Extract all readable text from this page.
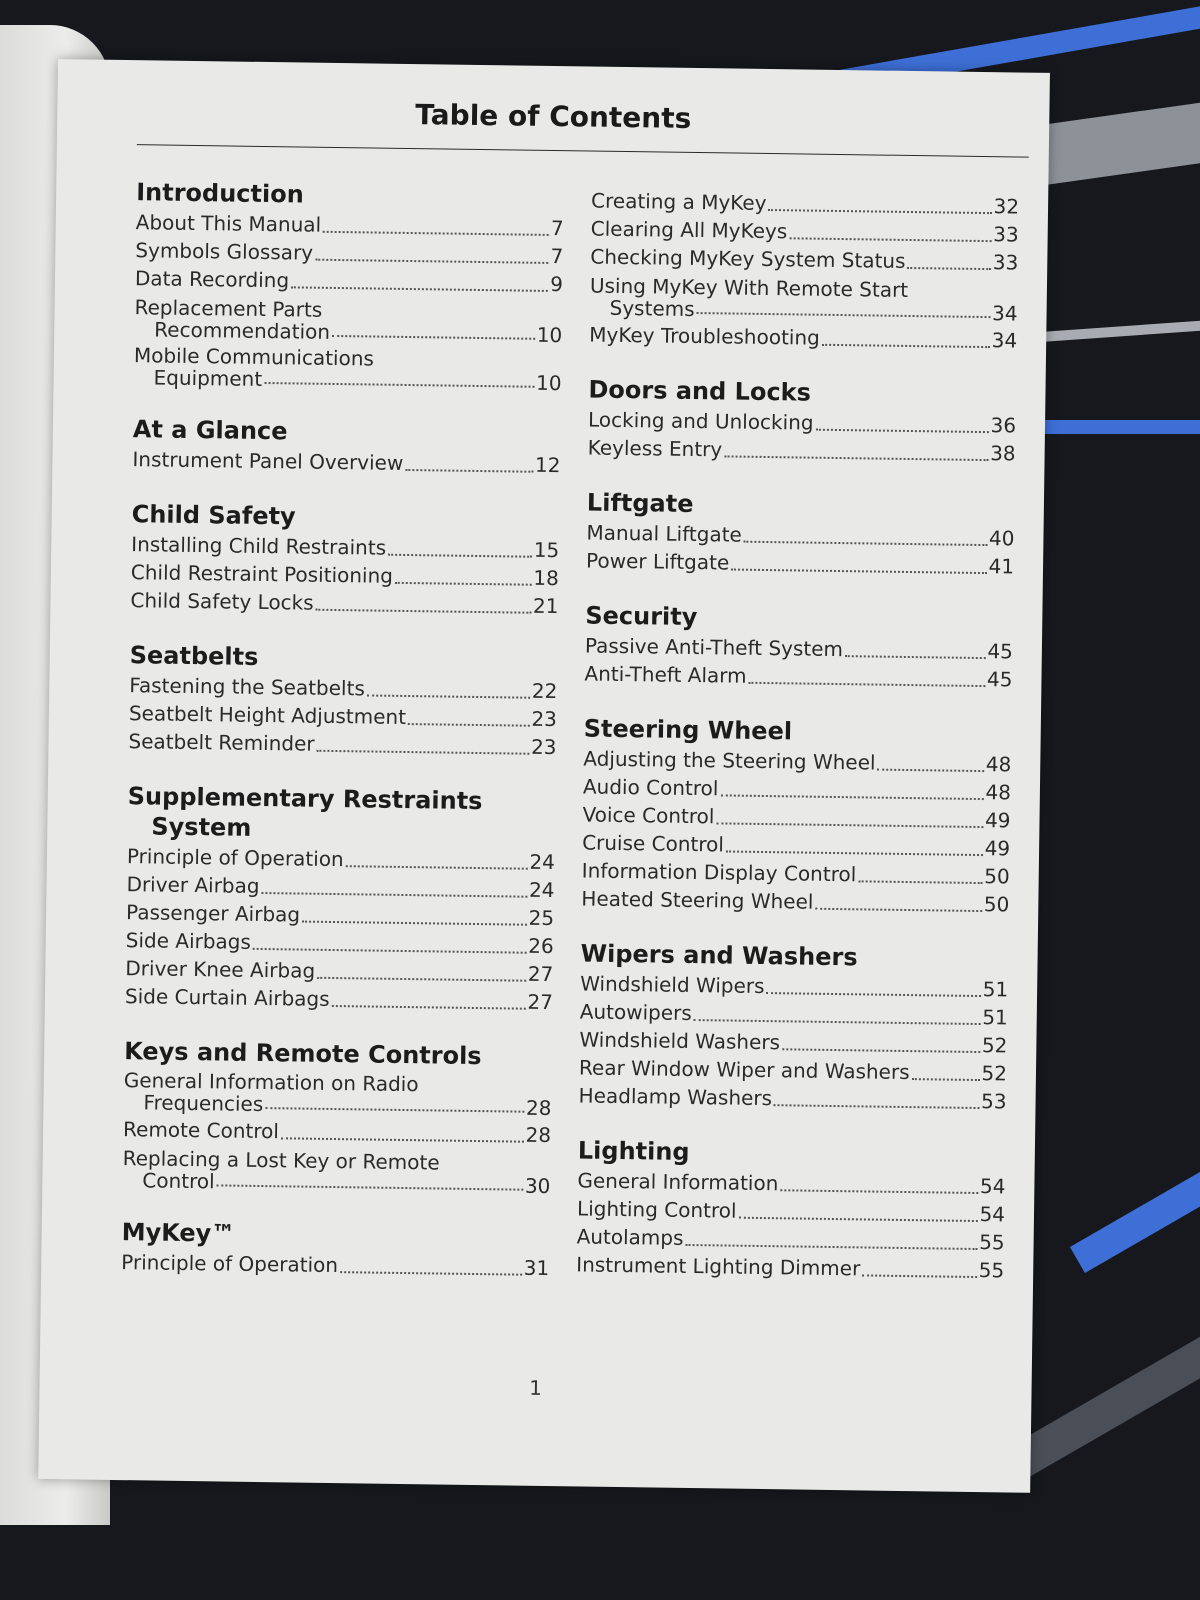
Table of Contents
Introduction
About This Manual	7
Symbols Glossary	7
Data Recording	9
Replacement Parts
Recommendation	10
Mobile Communications
Equipment	10
At a Glance
Instrument Panel Overview	12
Child Safety
Installing Child Restraints	15
Child Restraint Positioning	18
Child Safety Locks	21
Seatbelts
Fastening the Seatbelts	22
Seatbelt Height Adjustment	23
Seatbelt Reminder	23
Supplementary Restraints
System
Principle of Operation	24
Driver Airbag	24
Passenger Airbag	25
Side Airbags	26
Driver Knee Airbag	27
Side Curtain Airbags	27
Keys and Remote Controls
General Information on Radio
Frequencies	28
Remote Control	28
Replacing a Lost Key or Remote
Control	30
MyKey™
Principle of Operation	31
Creating a MyKey	32
Clearing All MyKeys	33
Checking MyKey System Status	33
Using MyKey With Remote Start
Systems	34
MyKey Troubleshooting	34
Doors and Locks
Locking and Unlocking	36
Keyless Entry	38
Liftgate
Manual Liftgate	40
Power Liftgate	41
Security
Passive Anti-Theft System	45
Anti-Theft Alarm	45
Steering Wheel
Adjusting the Steering Wheel	48
Audio Control	48
Voice Control	49
Cruise Control	49
Information Display Control	50
Heated Steering Wheel	50
Wipers and Washers
Windshield Wipers	51
Autowipers	51
Windshield Washers	52
Rear Window Wiper and Washers	52
Headlamp Washers	53
Lighting
General Information	54
Lighting Control	54
Autolamps	55
Instrument Lighting Dimmer	55
1
